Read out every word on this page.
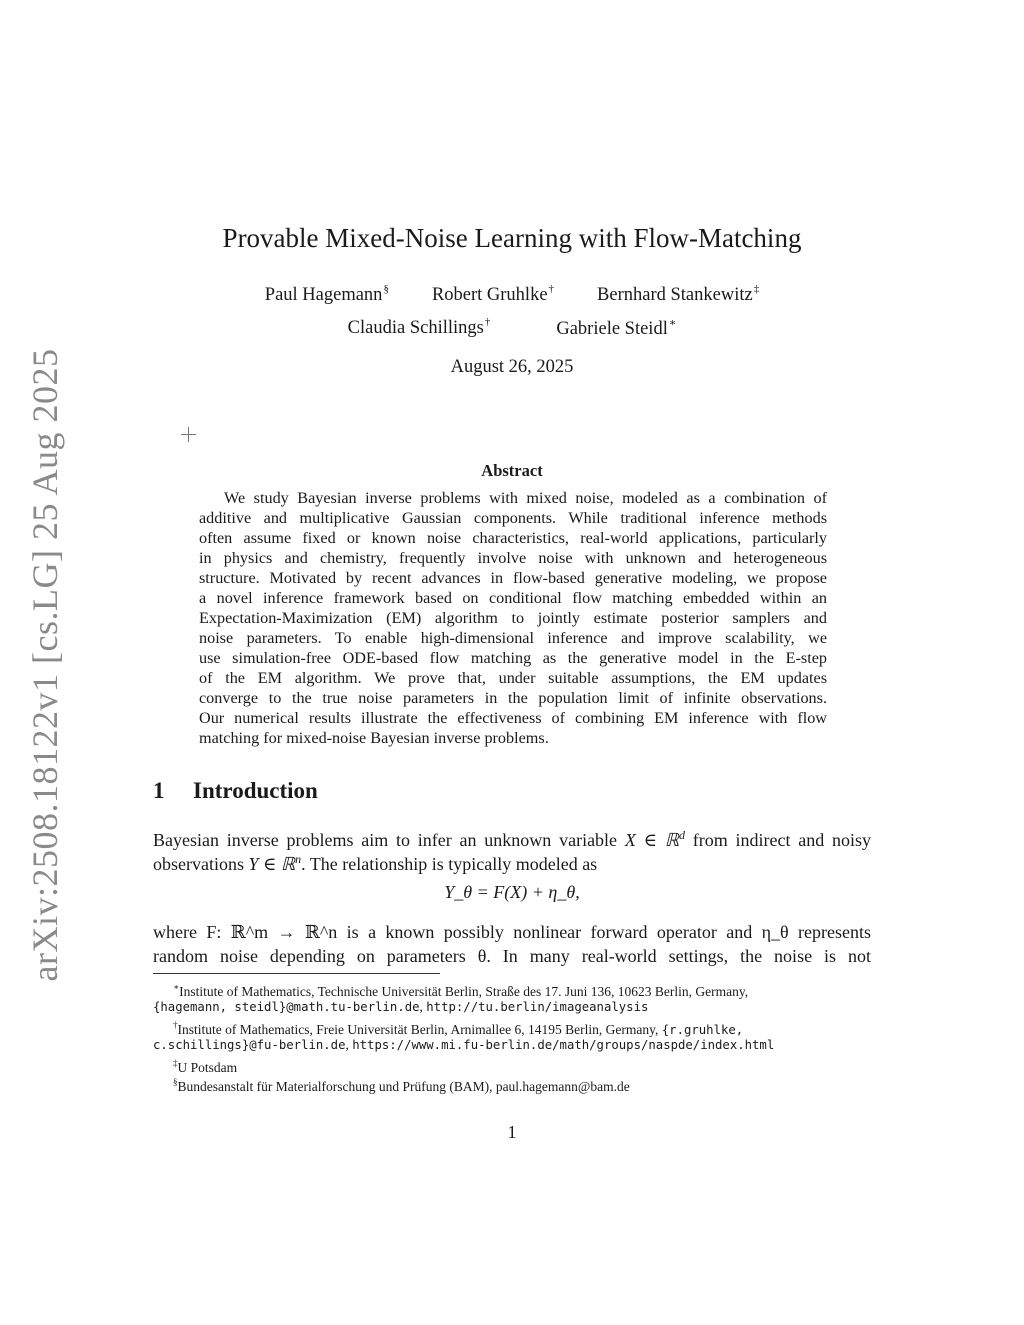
arXiv:2508.18122v1 [cs.LG] 25 Aug 2025
Provable Mixed-Noise Learning with Flow-Matching
Paul Hagemann§ Robert Gruhlke† Bernhard Stankewitz‡
Claudia Schillings†	Gabriele Steidl∗
August 26, 2025
Abstract
We study Bayesian inverse problems with mixed noise, modeled as a combination of
additive and multiplicative Gaussian components. While traditional inference methods
often assume fixed or known noise characteristics, real-world applications, particularly
in physics and chemistry, frequently involve noise with unknown and heterogeneous
structure. Motivated by recent advances in flow-based generative modeling, we propose
a novel inference framework based on conditional flow matching embedded within an
Expectation-Maximization (EM) algorithm to jointly estimate posterior samplers and
noise parameters. To enable high-dimensional inference and improve scalability, we
use simulation-free ODE-based flow matching as the generative model in the E-step
of the EM algorithm. We prove that, under suitable assumptions, the EM updates
converge to the true noise parameters in the population limit of infinite observations.
Our numerical results illustrate the effectiveness of combining EM inference with flow
matching for mixed-noise Bayesian inverse problems.
1 Introduction
Bayesian inverse problems aim to infer an unknown variable X ∈ ℝ$^d$ from indirect and noisy
observations Y ∈ ℝ$^n$. The relationship is typically modeled as
Y_θ = F(X) + η_θ,
where F: ℝ^m → ℝ^n is a known possibly nonlinear forward operator and η_θ represents
random noise depending on parameters θ. In many real-world settings, the noise is not
∗Institute of Mathematics, Technische Universität Berlin, Straße des 17. Juni 136, 10623 Berlin, Germany,
{hagemann, steidl}@math.tu-berlin.de, http://tu.berlin/imageanalysis
†Institute of Mathematics, Freie Universität Berlin, Arnimallee 6, 14195 Berlin, Germany, {r.gruhlke,
c.schillings}@fu-berlin.de, https://www.mi.fu-berlin.de/math/groups/naspde/index.html
‡U Potsdam
§Bundesanstalt für Materialforschung und Prüfung (BAM), paul.hagemann@bam.de
1
